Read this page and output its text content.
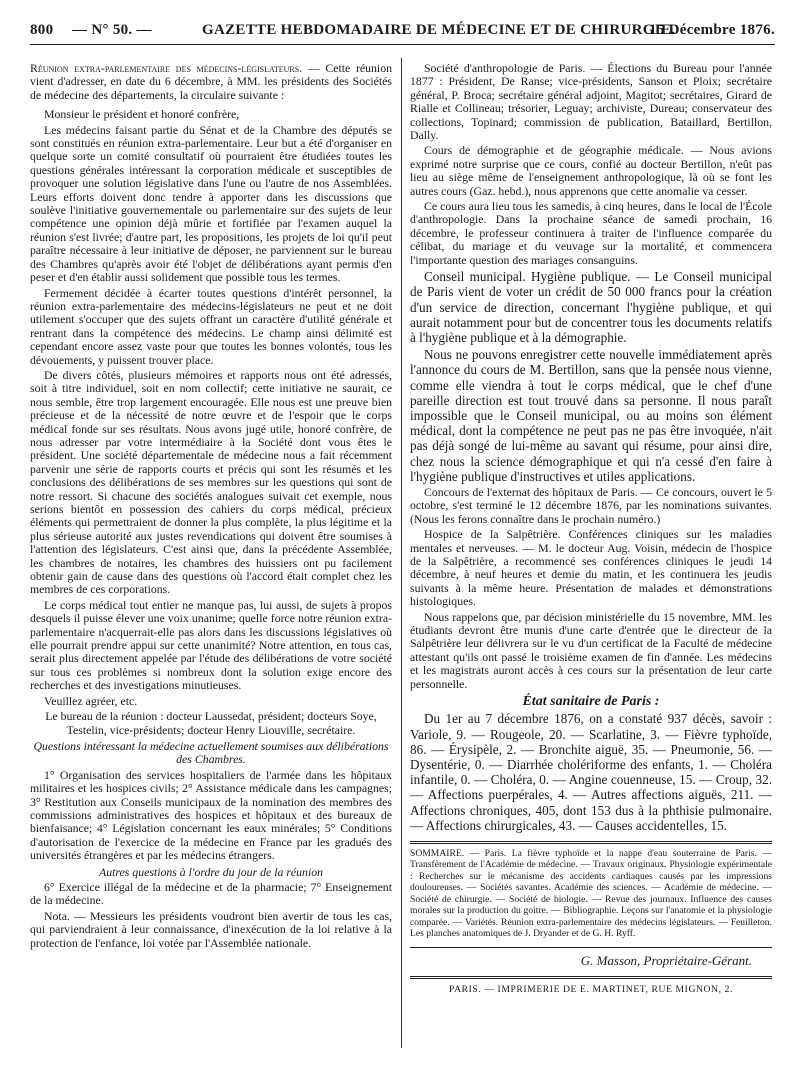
800 — N° 50. —	GAZETTE HEBDOMADAIRE DE MÉDECINE ET DE CHIRURGIE.
15 Décembre 1876.

Réunion extra-parlementaire des médecins-législateurs. — Cette réunion vient d'adresser, en date du 6 décembre, à MM. les présidents des Sociétés de médecine des départements, la circulaire suivante :

Monsieur le président et honoré confrère,

Les médecins faisant partie du Sénat et de la Chambre des députés se sont constitués en réunion extra-parlementaire. Leur but a été d'organiser en quelque sorte un comité consultatif où pourraient être étudiées toutes les questions générales intéressant la corporation médicale et susceptibles de provoquer une solution législative dans l'une ou l'autre de nos Assemblées. Leurs efforts doivent donc tendre à apporter dans les discussions que soulève l'initiative gouvernementale ou parlementaire sur des sujets de leur compétence une opinion déjà mûrie et fortifiée par l'examen auquel la réunion s'est livrée; d'autre part, les propositions, les projets de loi qu'il peut paraître nécessaire à leur initiative de déposer, ne parviennent sur le bureau des Chambres qu'après avoir été l'objet de délibérations ayant permis d'en peser et d'en établir aussi solidement que possible tous les termes.

Fermement décidée à écarter toutes questions d'intérêt personnel, la réunion extra-parlementaire des médecins-législateurs ne peut et ne doit utilement s'occuper que des sujets offrant un caractère d'utilité générale et rentrant dans la compétence des médecins. Le champ ainsi délimité est cependant encore assez vaste pour que toutes les bonnes volontés, tous les dévouements, y puissent trouver place.

De divers côtés, plusieurs mémoires et rapports nous ont été adressés, soit à titre individuel, soit en nom collectif; cette initiative ne saurait, ce nous semble, être trop largement encouragée. Elle nous est une preuve bien précieuse et de la nécessité de notre œuvre et de l'espoir que le corps médical fonde sur ses résultats. Nous avons jugé utile, honoré confrère, de nous adresser par votre intermédiaire à la Société dont vous êtes le président. Une société départementale de médecine nous a fait récemment parvenir une série de rapports courts et précis qui sont les résumés et les conclusions des délibérations de ses membres sur les questions qui sont de notre ressort. Si chacune des sociétés analogues suivait cet exemple, nous serions bientôt en possession des cahiers du corps médical, précieux éléments qui permettraient de donner la plus complète, la plus légitime et la plus sérieuse autorité aux justes revendications qui doivent être soumises à l'attention des législateurs. C'est ainsi que, dans la précédente Assemblée, les chambres de notaires, les chambres des huissiers ont pu facilement obtenir gain de cause dans des questions où l'accord était complet chez les membres de ces corporations.

Le corps médical tout entier ne manque pas, lui aussi, de sujets à propos desquels il puisse élever une voix unanime; quelle force notre réunion extra-parlementaire n'acquerrait-elle pas alors dans les discussions législatives où elle pourrait prendre appui sur cette unanimité? Notre attention, en tous cas, serait plus directement appelée par l'étude des délibérations de votre société sur tous ces problèmes si nombreux dont la solution exige encore des recherches et des investigations minutieuses.

Veuillez agréer, etc.

Le bureau de la réunion : docteur Laussedat, président; docteurs Soye, Testelin, vice-présidents; docteur Henry Liouville, secrétaire.

Questions intéressant la médecine actuellement soumises aux délibérations des Chambres.

1° Organisation des services hospitaliers de l'armée dans les hôpitaux militaires et les hospices civils; 2° Assistance médicale dans les campagnes; 3° Restitution aux Conseils municipaux de la nomination des membres des commissions administratives des hospices et hôpitaux et des bureaux de bienfaisance; 4° Législation concernant les eaux minérales; 5° Conditions d'autorisation de l'exercice de la médecine en France par les gradués des universités étrangères et par les médecins étrangers.

Autres questions à l'ordre du jour de la réunion

6° Exercice illégal de la médecine et de la pharmacie; 7° Enseignement de la médecine.

Nota. — Messieurs les présidents voudront bien avertir de tous les cas, qui parviendraient à leur connaissance, d'inexécution de la loi relative à la protection de l'enfance, loi votée par l'Assemblée nationale.

Société d'anthropologie de Paris. — Élections du Bureau pour l'année 1877 : Président, De Ranse; vice-présidents, Sanson et Ploix; secrétaire général, P. Broca; secrétaire général adjoint, Magitot; secrétaires, Girard de Rialle et Collineau; trésorier, Leguay; archiviste, Dureau; conservateur des collections, Topinard; commission de publication, Bataillard, Bertillon, Dally.

Cours de démographie et de géographie médicale. — Nous avions exprimé notre surprise que ce cours, confié au docteur Bertillon, n'eût pas lieu au siège même de l'enseignement anthropologique, là où se font les autres cours (Gaz. hebd.), nous apprenons que cette anomalie va cesser.

Ce cours aura lieu tous les samedis, à cinq heures, dans le local de l'École d'anthropologie. Dans la prochaine séance de samedi prochain, 16 décembre, le professeur continuera à traiter de l'influence comparée du célibat, du mariage et du veuvage sur la mortalité, et commencera l'importante question des mariages consanguins.

Conseil municipal. Hygiène publique. — Le Conseil municipal de Paris vient de voter un crédit de 50 000 francs pour la création d'un service de direction, concernant l'hygiène publique, et qui aurait notamment pour but de concentrer tous les documents relatifs à l'hygiène publique et à la démographie.

Nous ne pouvons enregistrer cette nouvelle immédiatement après l'annonce du cours de M. Bertillon, sans que la pensée nous vienne, comme elle viendra à tout le corps médical, que le chef d'une pareille direction est tout trouvé dans sa personne. Il nous paraît impossible que le Conseil municipal, ou au moins son élément médical, dont la compétence ne peut pas ne pas être invoquée, n'ait pas déjà songé de lui-même au savant qui résume, pour ainsi dire, chez nous la science démographique et qui n'a cessé d'en faire à l'hygiène publique d'instructives et utiles applications.

Concours de l'externat des hôpitaux de Paris. — Ce concours, ouvert le 5 octobre, s'est terminé le 12 décembre 1876, par les nominations suivantes. (Nous les ferons connaître dans le prochain numéro.)

Hospice de la Salpêtrière. Conférences cliniques sur les maladies mentales et nerveuses. — M. le docteur Aug. Voisin, médecin de l'hospice de la Salpêtrière, a recommencé ses conférences cliniques le jeudi 14 décembre, à neuf heures et demie du matin, et les continuera les jeudis suivants à la même heure. Présentation de malades et démonstrations histologiques.

Nous rappelons que, par décision ministérielle du 15 novembre, MM. les étudiants devront être munis d'une carte d'entrée que le directeur de la Salpêtrière leur délivrera sur le vu d'un certificat de la Faculté de médecine attestant qu'ils ont passé le troisième examen de fin d'année. Les médecins et les magistrats auront accès à ces cours sur la présentation de leur carte personnelle.

État sanitaire de Paris :

Du 1er au 7 décembre 1876, on a constaté 937 décès, savoir : Variole, 9. — Rougeole, 20. — Scarlatine, 3. — Fièvre typhoïde, 86. — Érysipèle, 2. — Bronchite aiguë, 35. — Pneumonie, 56. — Dysentérie, 0. — Diarrhée cholériforme des enfants, 1. — Choléra infantile, 0. — Choléra, 0. — Angine couenneuse, 15. — Croup, 32. — Affections puerpérales, 4. — Autres affections aiguës, 211. — Affections chroniques, 405, dont 153 dus à la phthisie pulmonaire. — Affections chirurgicales, 43. — Causes accidentelles, 15.

SOMMAIRE. — Paris. La fièvre typhoïde et la nappe d'eau souterraine de Paris. — Transfèrement de l'Académie de médecine. — Travaux originaux. Physiologie expérimentale : Recherches sur le mécanisme des accidents cardiaques causés par les impressions douloureuses. — Sociétés savantes. Académie des sciences. — Académie de médecine. — Société de chirurgie. — Société de biologie. — Revue des journaux. Influence des causes morales sur la production du goitre. — Bibliographie. Leçons sur l'anatomie et la physiologie comparée. — Variétés. Réunion extra-parlementaire des médecins législateurs. — Feuilleton. Les planches anatomiques de J. Dryander et de G. H. Ryff.

G. Masson, Propriétaire-Gérant.

PARIS. — IMPRIMERIE DE E. MARTINET, RUE MIGNON, 2.
